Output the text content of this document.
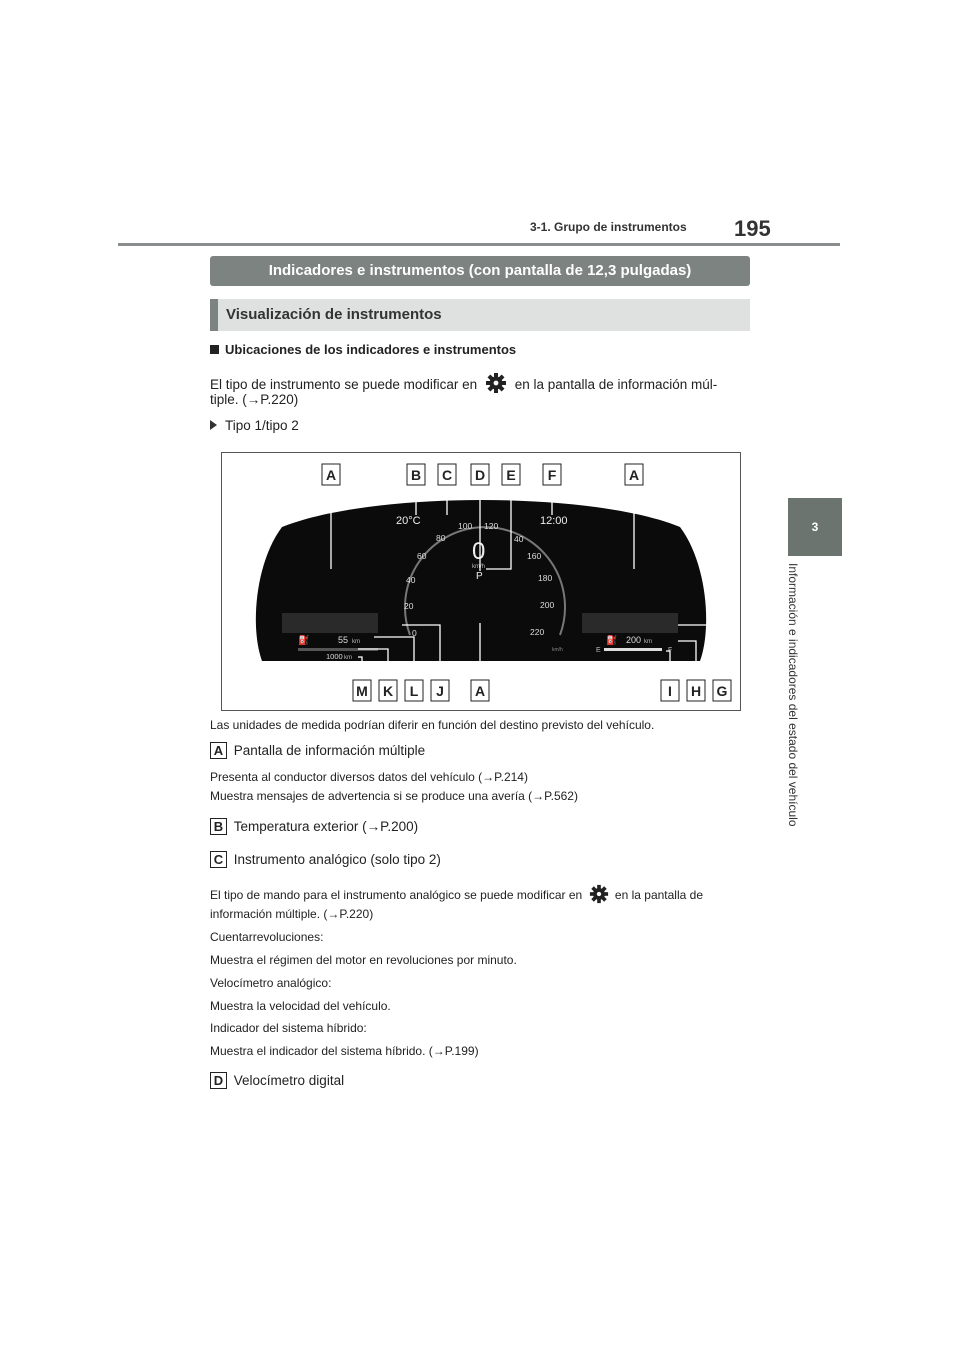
3-1. Grupo de instrumentos 195
3
Información e indicadores del estado del vehículo
Indicadores e instrumentos (con pantalla de 12,3 pulgadas)
Visualización de instrumentos
Ubicaciones de los indicadores e instrumentos
El tipo de instrumento se puede modificar en	en la pantalla de información múl-
tiple. (→P.220)
Tipo 1/tipo 2
0
20
40
60
80
100 120
40
160
180
200
220
0
km/h
P
20°C	12:00
⛽	55 km
1000 km
⛽ 200 km
E	F
km/h
A	B C D E F	A
M K L J A	I H G
Las unidades de medida podrían diferir en función del destino previsto del vehículo.
A Pantalla de información múltiple
Presenta al conductor diversos datos del vehículo (→P.214)
Muestra mensajes de advertencia si se produce una avería (→P.562)
B Temperatura exterior (→P.200)
C Instrumento analógico (solo tipo 2)
El tipo de mando para el instrumento analógico se puede modificar en	en la pantalla de
información múltiple. (→P.220)
Cuentarrevoluciones:
Muestra el régimen del motor en revoluciones por minuto.
Velocímetro analógico:
Muestra la velocidad del vehículo.
Indicador del sistema híbrido:
Muestra el indicador del sistema híbrido. (→P.199)
D Velocímetro digital
